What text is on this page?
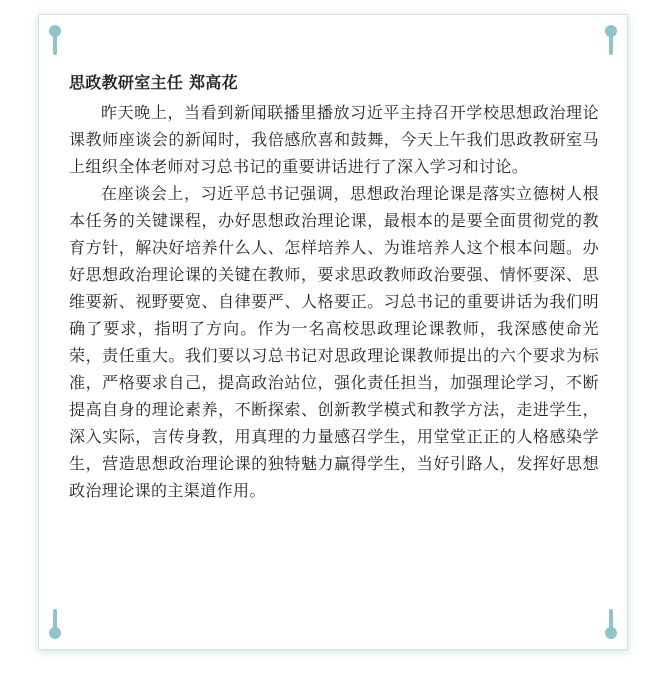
思政教研室主任 郑高花

昨天晚上，当看到新闻联播里播放习近平主持召开学校思想政治理论课教师座谈会的新闻时，我倍感欣喜和鼓舞，今天上午我们思政教研室马上组织全体老师对习总书记的重要讲话进行了深入学习和讨论。

在座谈会上，习近平总书记强调，思想政治理论课是落实立德树人根本任务的关键课程，办好思想政治理论课，最根本的是要全面贯彻党的教育方针，解决好培养什么人、怎样培养人、为谁培养人这个根本问题。办好思想政治理论课的关键在教师，要求思政教师政治要强、情怀要深、思维要新、视野要宽、自律要严、人格要正。习总书记的重要讲话为我们明确了要求，指明了方向。作为一名高校思政理论课教师，我深感使命光荣，责任重大。我们要以习总书记对思政理论课教师提出的六个要求为标准，严格要求自己，提高政治站位，强化责任担当，加强理论学习，不断提高自身的理论素养，不断探索、创新教学模式和教学方法，走进学生，深入实际，言传身教，用真理的力量感召学生，用堂堂正正的人格感染学生，营造思想政治理论课的独特魅力赢得学生，当好引路人，发挥好思想政治理论课的主渠道作用。
